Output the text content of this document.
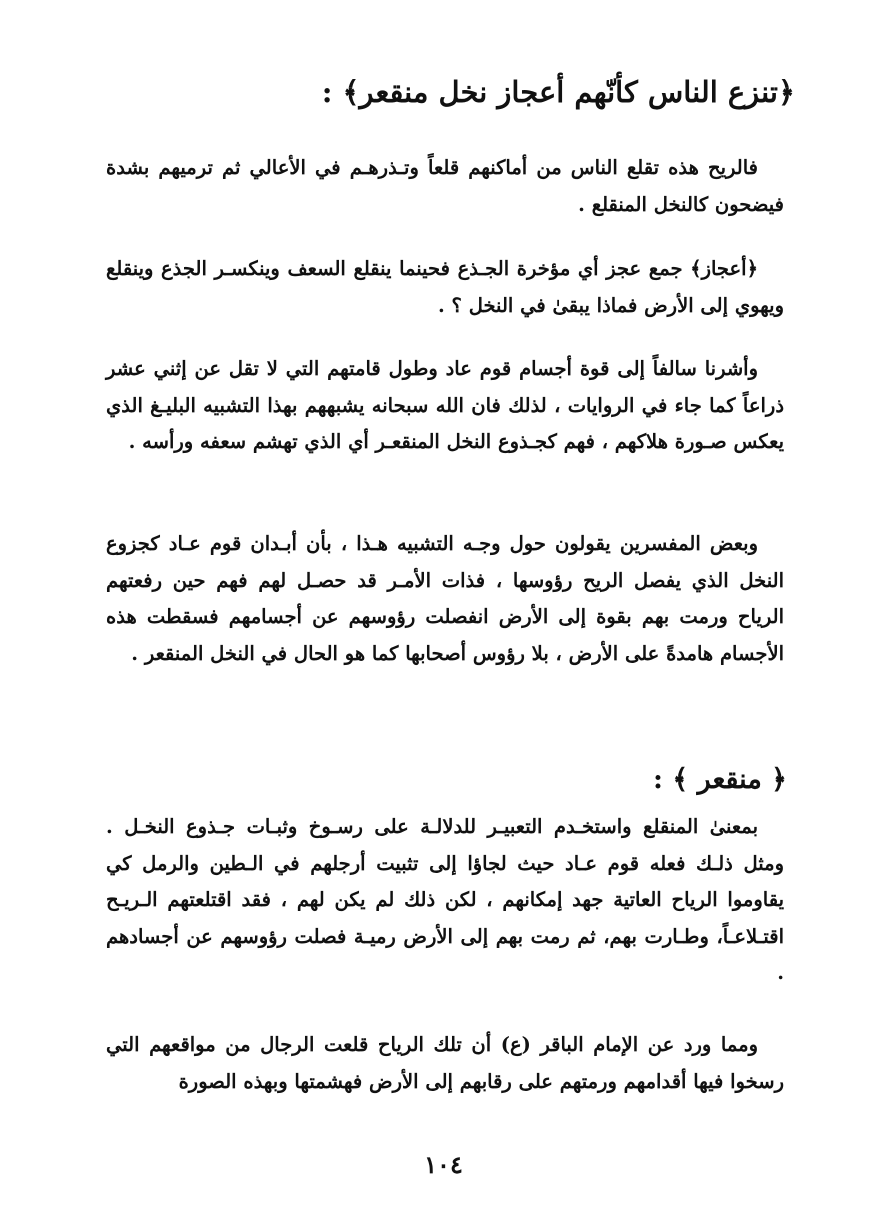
﴿تنزع الناس كأنّهم أعجاز نخل منقعر﴾ :

فالريح هذه تقلع الناس من أماكنهم قلعاً وتـذرهـم في الأعالي ثم ترميهم بشدة فيضحون كالنخل المنقلع .

﴿أعجاز﴾ جمع عجز أي مؤخرة الجـذع فحينما ينقلع السعف وينكسـر الجذع وينقلع ويهوي إلى الأرض فماذا يبقىٰ في النخل ؟ .

وأشرنا سالفاً إلى قوة أجسام قوم عاد وطول قامتهم التي لا تقل عن إثني عشر ذراعاً كما جاء في الروايات ، لذلك فان الله سبحانه يشبههم بهذا التشبيه البليـغ الذي يعكس صـورة هلاكهم ، فهم كجـذوع النخل المنقعـر أي الذي تهشم سعفه ورأسه .

وبعض المفسرين يقولون حول وجـه التشبيه هـذا ، بأن أبـدان قوم عـاد كجزوع النخل الذي يفصل الريح رؤوسها ، فذات الأمـر قد حصـل لهم فهم حين رفعتهم الرياح ورمت بهم بقوة إلى الأرض انفصلت رؤوسهم عن أجسامهم فسقطت هذه الأجسام هامدةً على الأرض ، بلا رؤوس أصحابها كما هو الحال في النخل المنقعر .

﴿ منقعر ﴾ :

بمعنىٰ المنقلع واستخـدم التعبيـر للدلالـة على رسـوخ وثبـات جـذوع النخـل . ومثل ذلـك فعله قوم عـاد حيث لجاؤا إلى تثبيت أرجلهم في الـطين والرمل كي يقاوموا الرياح العاتية جهد إمكانهم ، لكن ذلك لم يكن لهم ، فقد اقتلعتهم الـريـح اقتـلاعـاً، وطـارت بهم، ثم رمت بهم إلى الأرض رميـة فصلت رؤوسهم عن أجسادهم .

ومما ورد عن الإمام الباقر (ع) أن تلك الرياح قلعت الرجال من مواقعهم التي رسخوا فيها أقدامهم ورمتهم على رقابهم إلى الأرض فهشمتها وبهذه الصورة

١٠٤
